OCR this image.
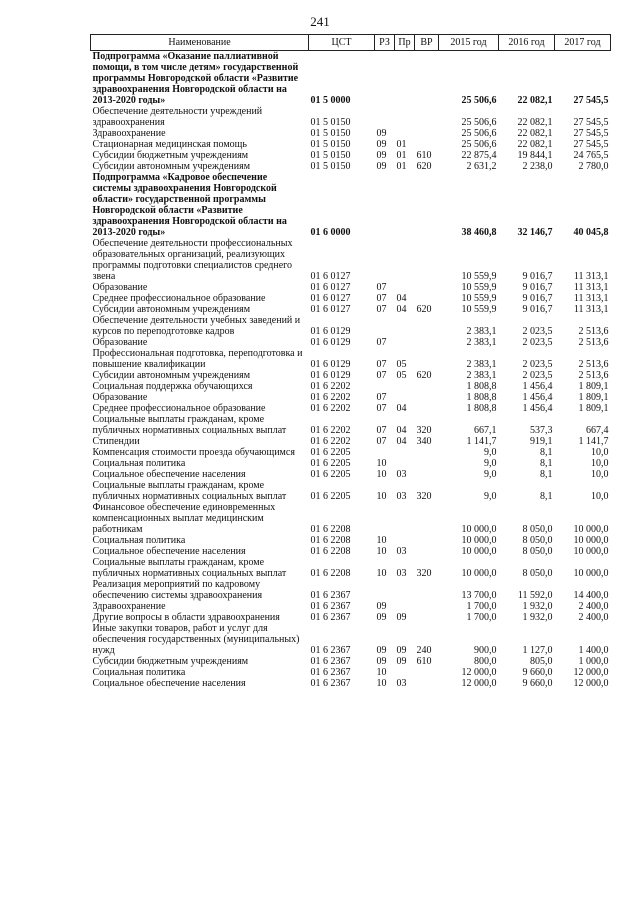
241
Наименование	ЦСТ	РЗ	Пр	ВР	2015 год	2016 год	2017 год
Подпрограмма «Оказание паллиативной помощи, в том числе детям» государственной программы Новгородской области «Развитие здравоохранения Новгородской области на 2013-2020 годы»	01 5 0000				25 506,6	22 082,1	27 545,5
Обеспечение деятельности учреждений здравоохранения	01 5 0150				25 506,6	22 082,1	27 545,5
Здравоохранение	01 5 0150	09			25 506,6	22 082,1	27 545,5
Стационарная медицинская помощь	01 5 0150	09	01		25 506,6	22 082,1	27 545,5
Субсидии бюджетным учреждениям	01 5 0150	09	01	610	22 875,4	19 844,1	24 765,5
Субсидии автономным учреждениям	01 5 0150	09	01	620	2 631,2	2 238,0	2 780,0
Подпрограмма «Кадровое обеспечение системы здравоохранения Новгородской области» государственной программы Новгородской области «Развитие здравоохранения Новгородской области на 2013-2020 годы»	01 6 0000				38 460,8	32 146,7	40 045,8
Обеспечение деятельности профессиональных образовательных организаций, реализующих программы подготовки специалистов среднего звена	01 6 0127				10 559,9	9 016,7	11 313,1
Образование	01 6 0127	07			10 559,9	9 016,7	11 313,1
Среднее профессиональное образование	01 6 0127	07	04		10 559,9	9 016,7	11 313,1
Субсидии автономным учреждениям	01 6 0127	07	04	620	10 559,9	9 016,7	11 313,1
Обеспечение деятельности учебных заведений и курсов по переподготовке кадров	01 6 0129				2 383,1	2 023,5	2 513,6
Образование	01 6 0129	07			2 383,1	2 023,5	2 513,6
Профессиональная подготовка, переподготовка и повышение квалификации	01 6 0129	07	05		2 383,1	2 023,5	2 513,6
Субсидии автономным учреждениям	01 6 0129	07	05	620	2 383,1	2 023,5	2 513,6
Социальная поддержка обучающихся	01 6 2202				1 808,8	1 456,4	1 809,1
Образование	01 6 2202	07			1 808,8	1 456,4	1 809,1
Среднее профессиональное образование	01 6 2202	07	04		1 808,8	1 456,4	1 809,1
Социальные выплаты гражданам, кроме публичных нормативных социальных выплат	01 6 2202	07	04	320	667,1	537,3	667,4
Стипендии	01 6 2202	07	04	340	1 141,7	919,1	1 141,7
Компенсация стоимости проезда обучающимся	01 6 2205				9,0	8,1	10,0
Социальная политика	01 6 2205	10			9,0	8,1	10,0
Социальное обеспечение населения	01 6 2205	10	03		9,0	8,1	10,0
Социальные выплаты гражданам, кроме публичных нормативных социальных выплат	01 6 2205	10	03	320	9,0	8,1	10,0
Финансовое обеспечение единовременных компенсационных выплат медицинским работникам	01 6 2208				10 000,0	8 050,0	10 000,0
Социальная политика	01 6 2208	10			10 000,0	8 050,0	10 000,0
Социальное обеспечение населения	01 6 2208	10	03		10 000,0	8 050,0	10 000,0
Социальные выплаты гражданам, кроме публичных нормативных социальных выплат	01 6 2208	10	03	320	10 000,0	8 050,0	10 000,0
Реализация мероприятий по кадровому обеспечению системы здравоохранения	01 6 2367				13 700,0	11 592,0	14 400,0
Здравоохранение	01 6 2367	09			1 700,0	1 932,0	2 400,0
Другие вопросы в области здравоохранения	01 6 2367	09	09		1 700,0	1 932,0	2 400,0
Иные закупки товаров, работ и услуг для обеспечения государственных (муниципальных) нужд	01 6 2367	09	09	240	900,0	1 127,0	1 400,0
Субсидии бюджетным учреждениям	01 6 2367	09	09	610	800,0	805,0	1 000,0
Социальная политика	01 6 2367	10			12 000,0	9 660,0	12 000,0
Социальное обеспечение населения	01 6 2367	10	03		12 000,0	9 660,0	12 000,0
